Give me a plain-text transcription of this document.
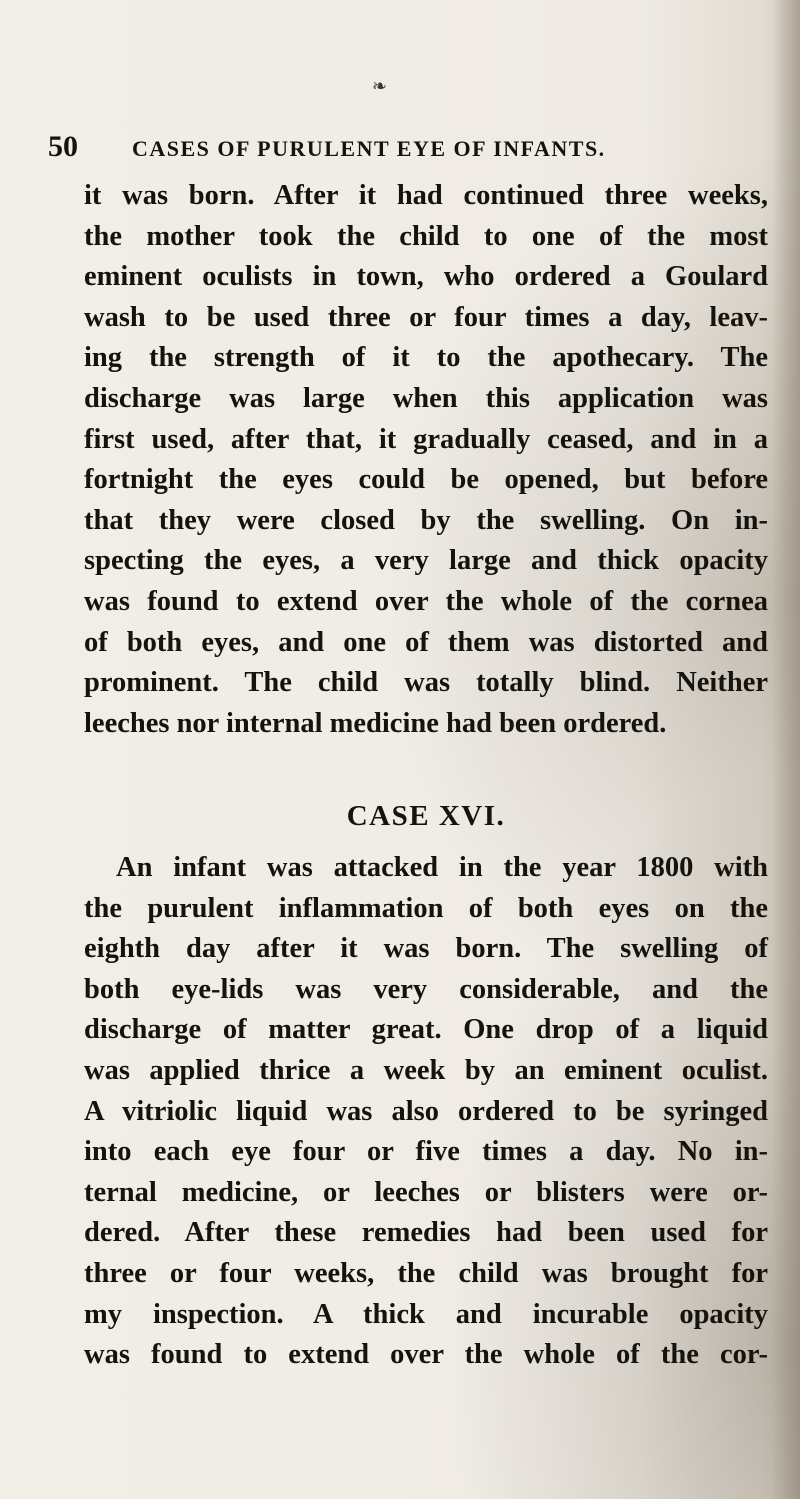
❧
50 CASES OF PURULENT EYE OF INFANTS.
it was born. After it had continued three weeks,
the mother took the child to one of the most
eminent oculists in town, who ordered a Goulard
wash to be used three or four times a day, leav-
ing the strength of it to the apothecary. The
discharge was large when this application was
first used, after that, it gradually ceased, and in a
fortnight the eyes could be opened, but before
that they were closed by the swelling. On in-
specting the eyes, a very large and thick opacity
was found to extend over the whole of the cornea
of both eyes, and one of them was distorted and
prominent. The child was totally blind. Neither
leeches nor internal medicine had been ordered.
CASE XVI.
An infant was attacked in the year 1800 with
the purulent inflammation of both eyes on the
eighth day after it was born. The swelling of
both eye-lids was very considerable, and the
discharge of matter great. One drop of a liquid
was applied thrice a week by an eminent oculist.
A vitriolic liquid was also ordered to be syringed
into each eye four or five times a day. No in-
ternal medicine, or leeches or blisters were or-
dered. After these remedies had been used for
three or four weeks, the child was brought for
my inspection. A thick and incurable opacity
was found to extend over the whole of the cor-
